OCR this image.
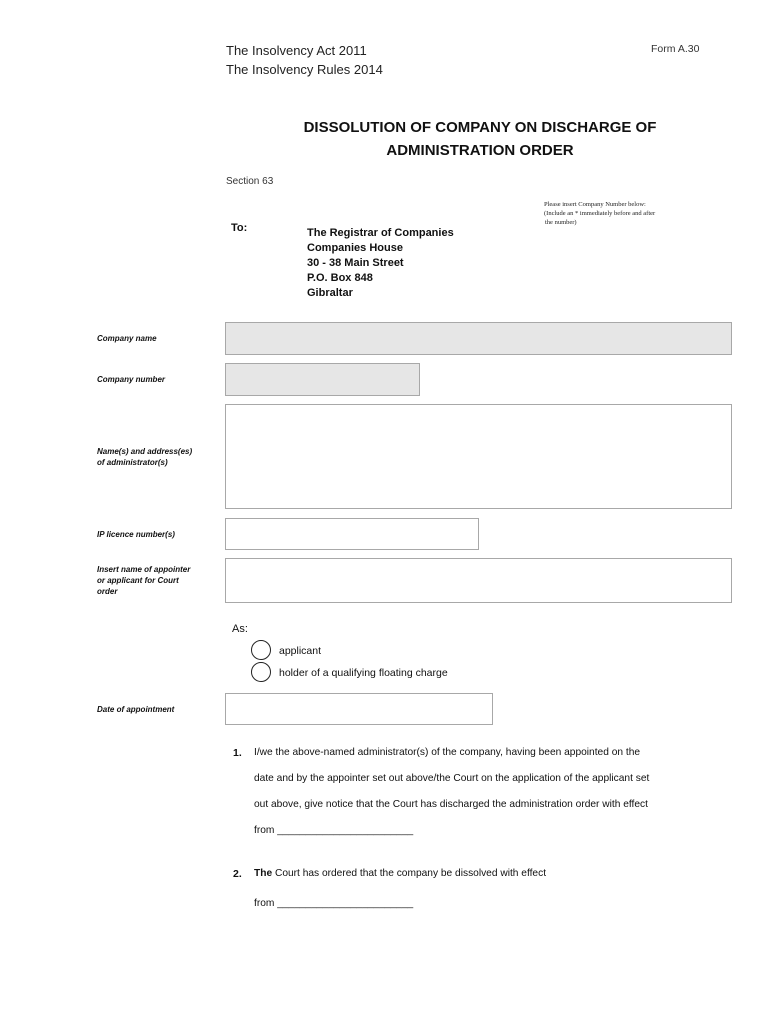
The Insolvency Act 2011
The Insolvency Rules 2014
Form A.30
DISSOLUTION OF COMPANY ON DISCHARGE OF
ADMINISTRATION ORDER
Section 63
Please insert Company Number below:
(Include an * immediately before and after
the number)
To:	The Registrar of Companies
Companies House
30 - 38 Main Street
P.O. Box 848
Gibraltar
Company name
Company number
Name(s) and address(es)
of administrator(s)
IP licence number(s)
Insert name of appointer
or applicant for Court
order
As:
applicant
holder of a qualifying floating charge
Date of appointment
1. I/we the above-named administrator(s) of the company, having been appointed on the
date and by the appointer set out above/the Court on the application of the applicant set
out above, give notice that the Court has discharged the administration order with effect
from ________________________
2. The Court has ordered that the company be dissolved with effect
from ________________________
